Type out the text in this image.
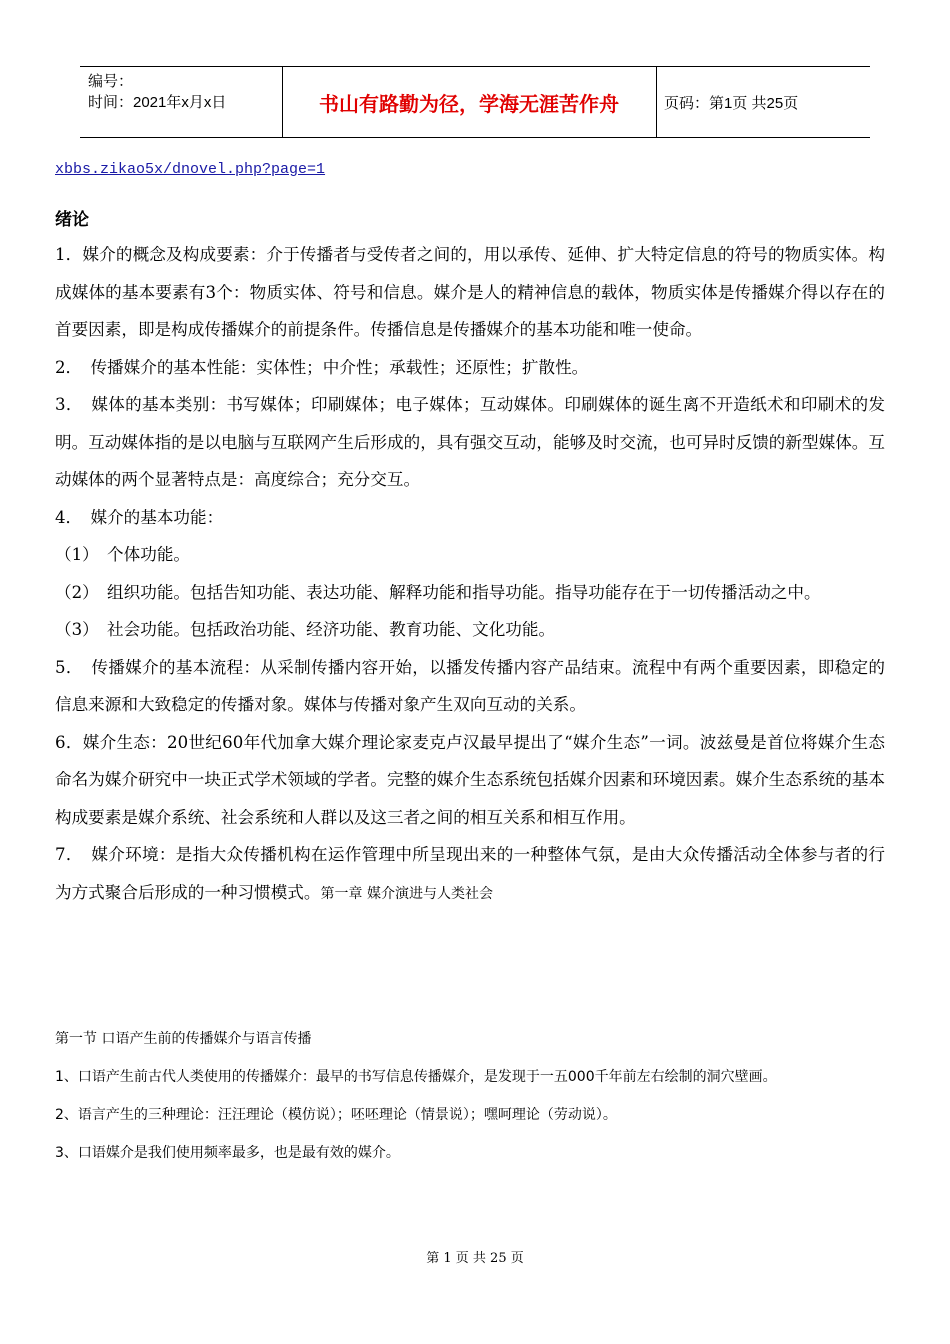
编号：
时间：2021年x月x日	书山有路勤为径，学海无涯苦作舟	页码：第1页 共25页
xbbs.zikao5x/dnovel.php?page=1
绪论

1．媒介的概念及构成要素：介于传播者与受传者之间的，用以承传、延伸、扩大特定信息的符号的物质实体。构成媒体的基本要素有3个：物质实体、符号和信息。媒介是人的精神信息的载体，物质实体是传播媒介得以存在的首要因素，即是构成传播媒介的前提条件。传播信息是传播媒介的基本功能和唯一使命。

2．　传播媒介的基本性能：实体性；中介性；承载性；还原性；扩散性。

3．　媒体的基本类别：书写媒体；印刷媒体；电子媒体；互动媒体。印刷媒体的诞生离不开造纸术和印刷术的发明。互动媒体指的是以电脑与互联网产生后形成的，具有强交互动，能够及时交流，也可异时反馈的新型媒体。互动媒体的两个显著特点是：高度综合；充分交互。

4．　媒介的基本功能：

（1）　个体功能。

（2）　组织功能。包括告知功能、表达功能、解释功能和指导功能。指导功能存在于一切传播活动之中。

（3）　社会功能。包括政治功能、经济功能、教育功能、文化功能。

5．　传播媒介的基本流程：从采制传播内容开始，以播发传播内容产品结束。流程中有两个重要因素，即稳定的信息来源和大致稳定的传播对象。媒体与传播对象产生双向互动的关系。

6．媒介生态：20世纪60年代加拿大媒介理论家麦克卢汉最早提出了“媒介生态”一词。波兹曼是首位将媒介生态命名为媒介研究中一块正式学术领域的学者。完整的媒介生态系统包括媒介因素和环境因素。媒介生态系统的基本构成要素是媒介系统、社会系统和人群以及这三者之间的相互关系和相互作用。

7．　媒介环境：是指大众传播机构在运作管理中所呈现出来的一种整体气氛，是由大众传播活动全体参与者的行为方式聚合后形成的一种习惯模式。第一章 媒介演进与人类社会

第一节 口语产生前的传播媒介与语言传播

1、口语产生前古代人类使用的传播媒介：最早的书写信息传播媒介，是发现于一五000千年前左右绘制的洞穴壁画。

2、语言产生的三种理论：汪汪理论（模仿说）；呸呸理论（情景说）；嘿呵理论（劳动说）。

3、口语媒介是我们使用频率最多，也是最有效的媒介。

第 1 页 共 25 页
